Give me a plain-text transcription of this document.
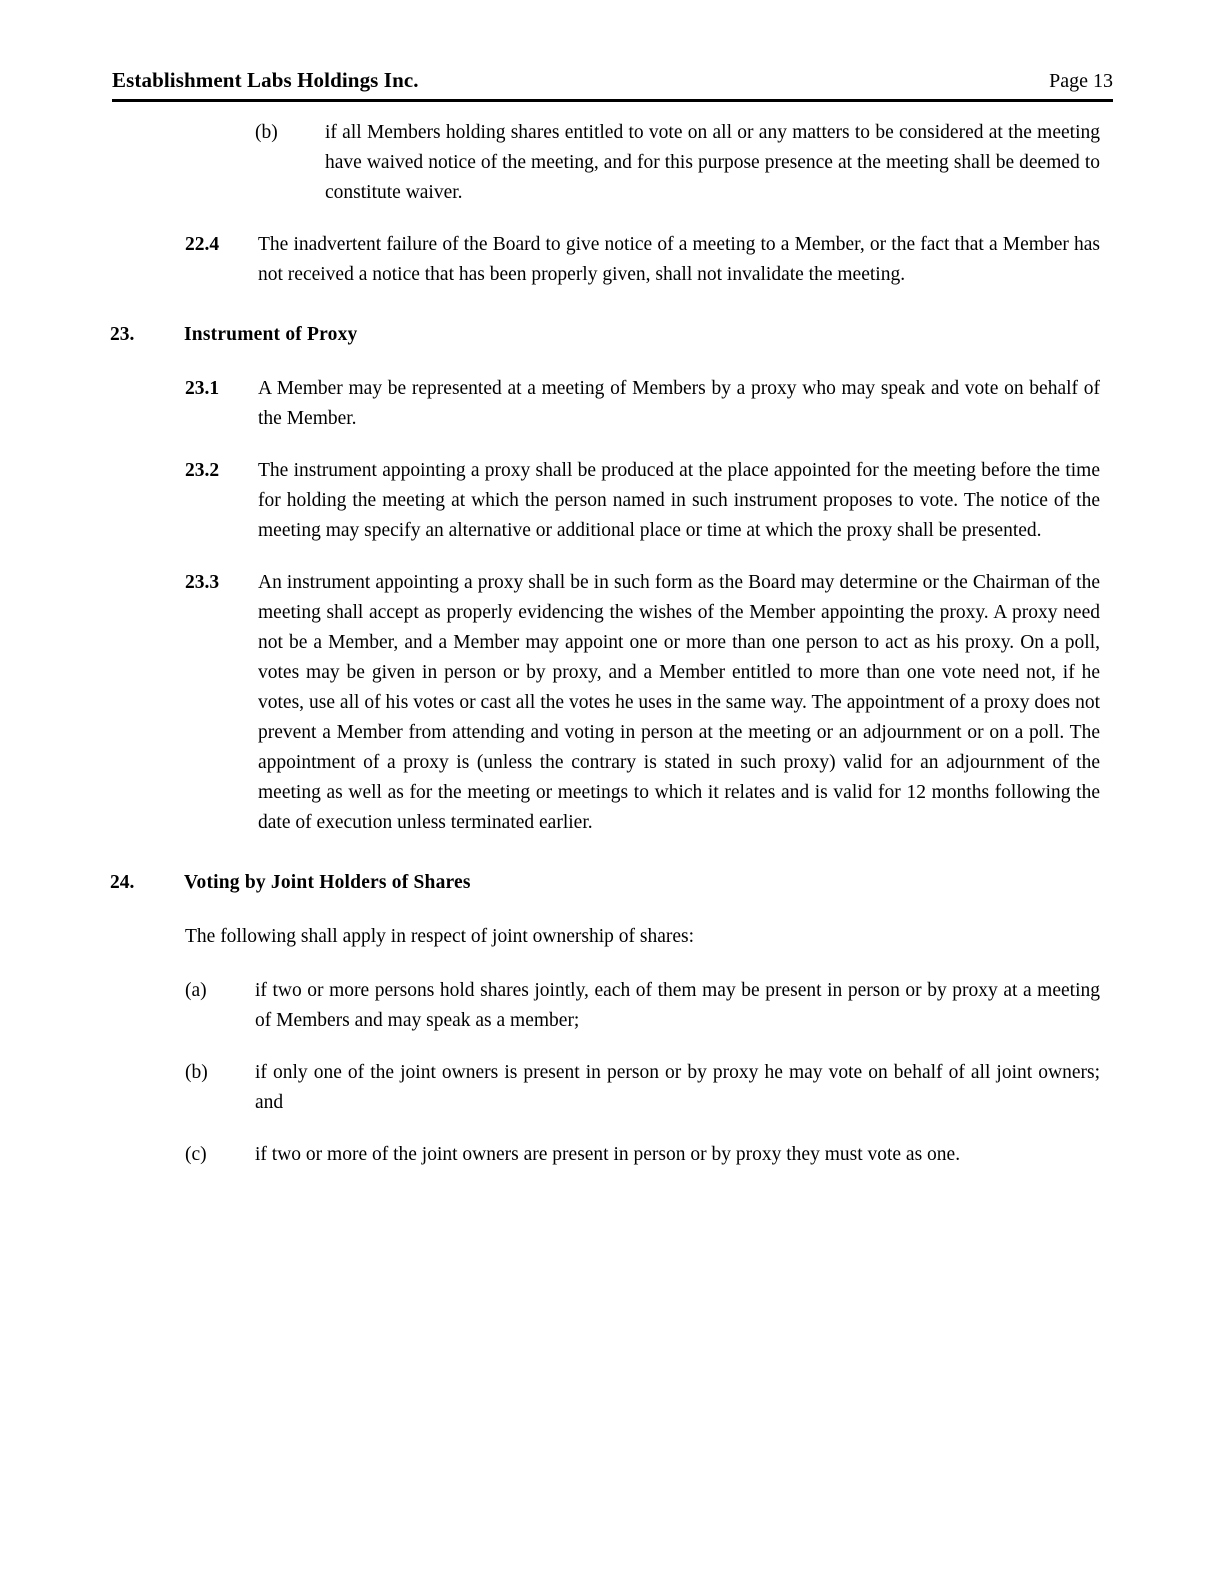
Establishment Labs Holdings Inc.	Page 13
(b)	if all Members holding shares entitled to vote on all or any matters to be considered at the meeting have waived notice of the meeting, and for this purpose presence at the meeting shall be deemed to constitute waiver.
22.4	The inadvertent failure of the Board to give notice of a meeting to a Member, or the fact that a Member has not received a notice that has been properly given, shall not invalidate the meeting.
23.	Instrument of Proxy
23.1	A Member may be represented at a meeting of Members by a proxy who may speak and vote on behalf of the Member.
23.2	The instrument appointing a proxy shall be produced at the place appointed for the meeting before the time for holding the meeting at which the person named in such instrument proposes to vote. The notice of the meeting may specify an alternative or additional place or time at which the proxy shall be presented.
23.3	An instrument appointing a proxy shall be in such form as the Board may determine or the Chairman of the meeting shall accept as properly evidencing the wishes of the Member appointing the proxy. A proxy need not be a Member, and a Member may appoint one or more than one person to act as his proxy. On a poll, votes may be given in person or by proxy, and a Member entitled to more than one vote need not, if he votes, use all of his votes or cast all the votes he uses in the same way. The appointment of a proxy does not prevent a Member from attending and voting in person at the meeting or an adjournment or on a poll. The appointment of a proxy is (unless the contrary is stated in such proxy) valid for an adjournment of the meeting as well as for the meeting or meetings to which it relates and is valid for 12 months following the date of execution unless terminated earlier.
24.	Voting by Joint Holders of Shares
The following shall apply in respect of joint ownership of shares:
(a)	if two or more persons hold shares jointly, each of them may be present in person or by proxy at a meeting of Members and may speak as a member;
(b)	if only one of the joint owners is present in person or by proxy he may vote on behalf of all joint owners; and
(c)	if two or more of the joint owners are present in person or by proxy they must vote as one.
